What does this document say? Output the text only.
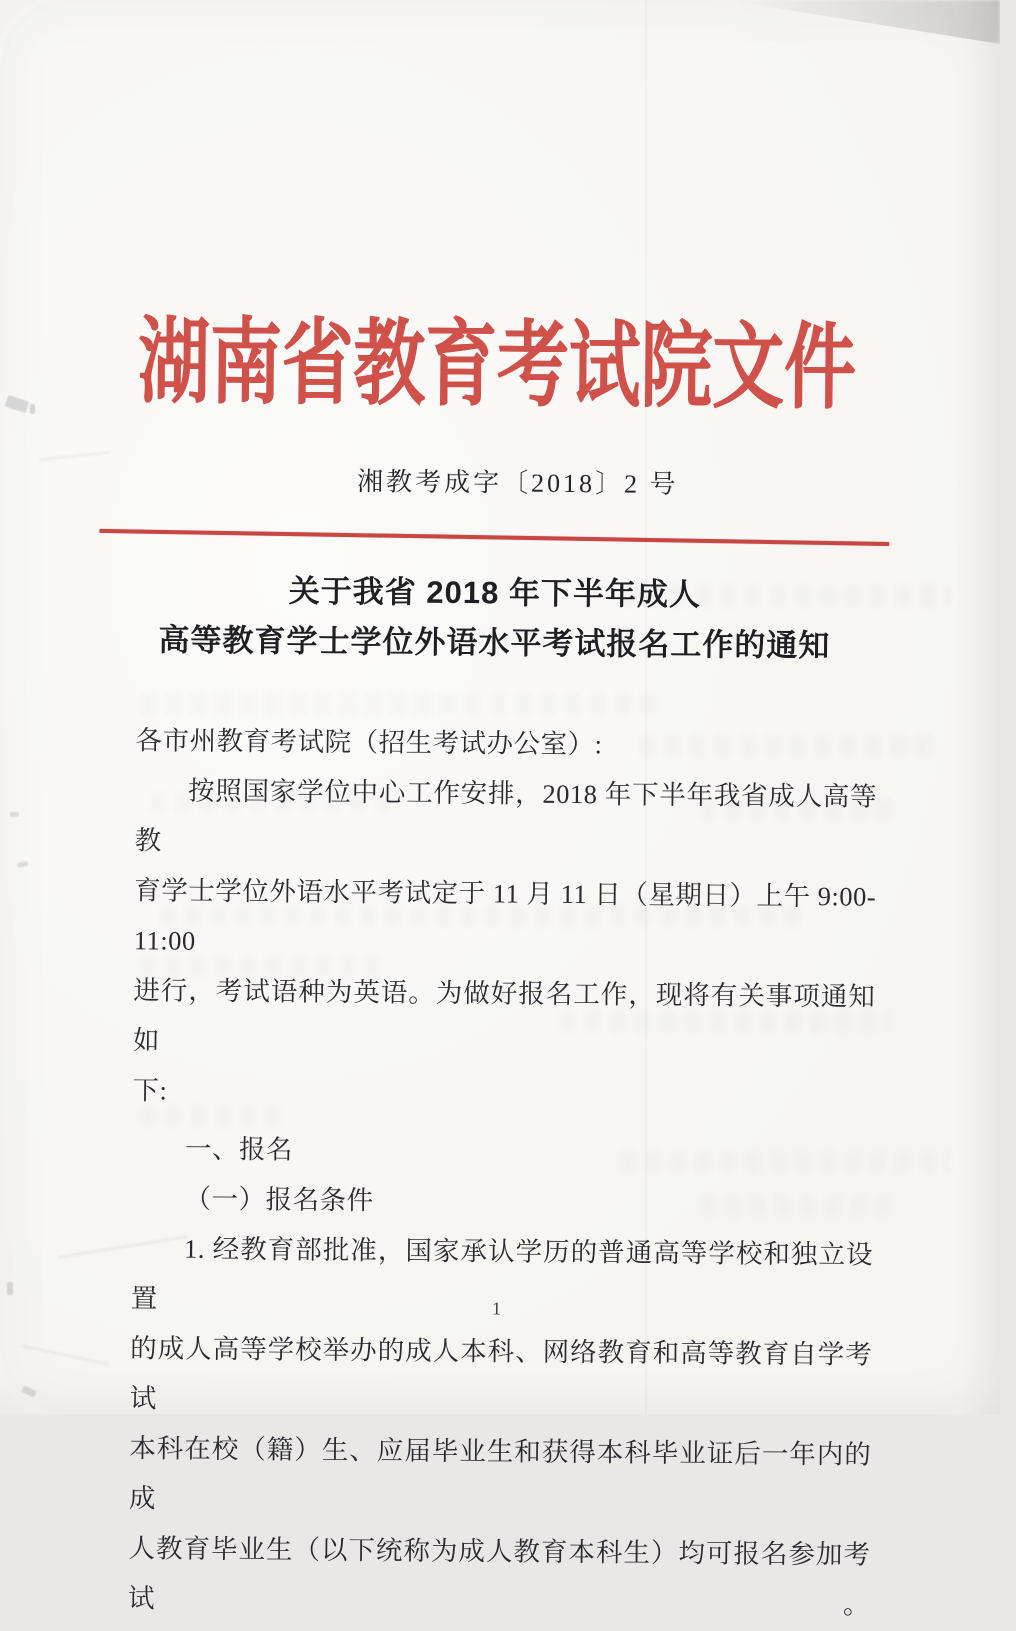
湖南省教育考试院文件
湘教考成字〔2018〕2 号
关于我省 2018 年下半年成人
高等教育学士学位外语水平考试报名工作的通知
各市州教育考试院（招生考试办公室）:
按照国家学位中心工作安排，2018 年下半年我省成人高等教
育学士学位外语水平考试定于 11 月 11 日（星期日）上午 9:00-11:00
进行，考试语种为英语。为做好报名工作，现将有关事项通知如
下:
一、报名
（一）报名条件
1. 经教育部批准，国家承认学历的普通高等学校和独立设置
的成人高等学校举办的成人本科、网络教育和高等教育自学考试
本科在校（籍）生、应届毕业生和获得本科毕业证后一年内的成
人教育毕业生（以下统称为成人教育本科生）均可报名参加考试。
1
